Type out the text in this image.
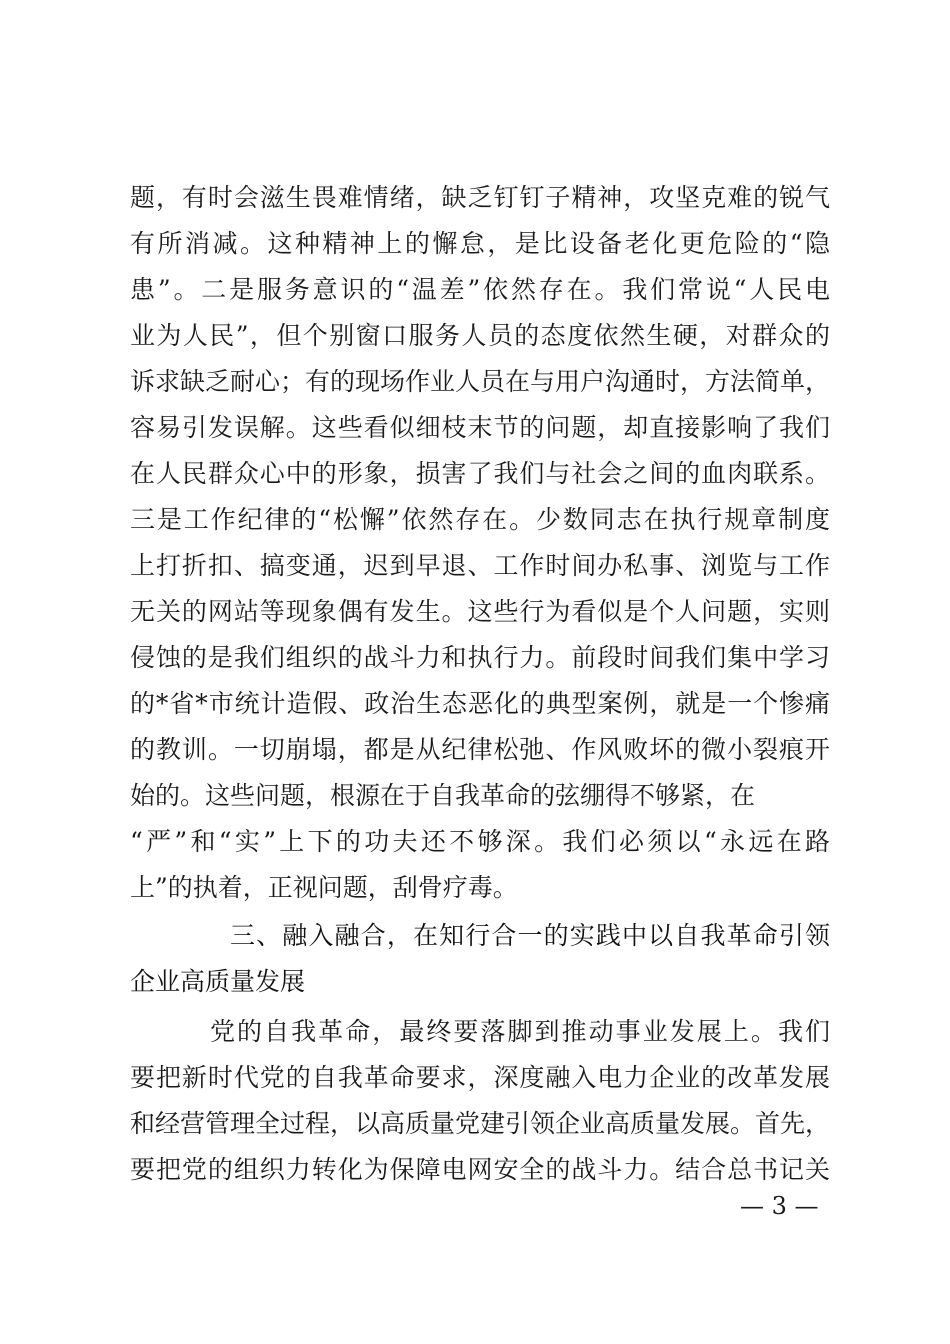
题，有时会滋生畏难情绪，缺乏钉钉子精神，攻坚克难的锐气
有所消减。这种精神上的懈怠，是比设备老化更危险的“隐
患”。二是服务意识的“温差”依然存在。我们常说“人民电
业为人民”，但个别窗口服务人员的态度依然生硬，对群众的
诉求缺乏耐心；有的现场作业人员在与用户沟通时，方法简单，
容易引发误解。这些看似细枝末节的问题，却直接影响了我们
在人民群众心中的形象，损害了我们与社会之间的血肉联系。
三是工作纪律的“松懈”依然存在。少数同志在执行规章制度
上打折扣、搞变通，迟到早退、工作时间办私事、浏览与工作
无关的网站等现象偶有发生。这些行为看似是个人问题，实则
侵蚀的是我们组织的战斗力和执行力。前段时间我们集中学习
的*省*市统计造假、政治生态恶化的典型案例，就是一个惨痛
的教训。一切崩塌，都是从纪律松弛、作风败坏的微小裂痕开
始的。这些问题，根源在于自我革命的弦绷得不够紧，在
“严”和“实”上下的功夫还不够深。我们必须以“永远在路
上”的执着，正视问题，刮骨疗毒。
三、融入融合，在知行合一的实践中以自我革命引领
企业高质量发展
党的自我革命，最终要落脚到推动事业发展上。我们
要把新时代党的自我革命要求，深度融入电力企业的改革发展
和经营管理全过程，以高质量党建引领企业高质量发展。首先，
要把党的组织力转化为保障电网安全的战斗力。结合总书记关
— 3 —
